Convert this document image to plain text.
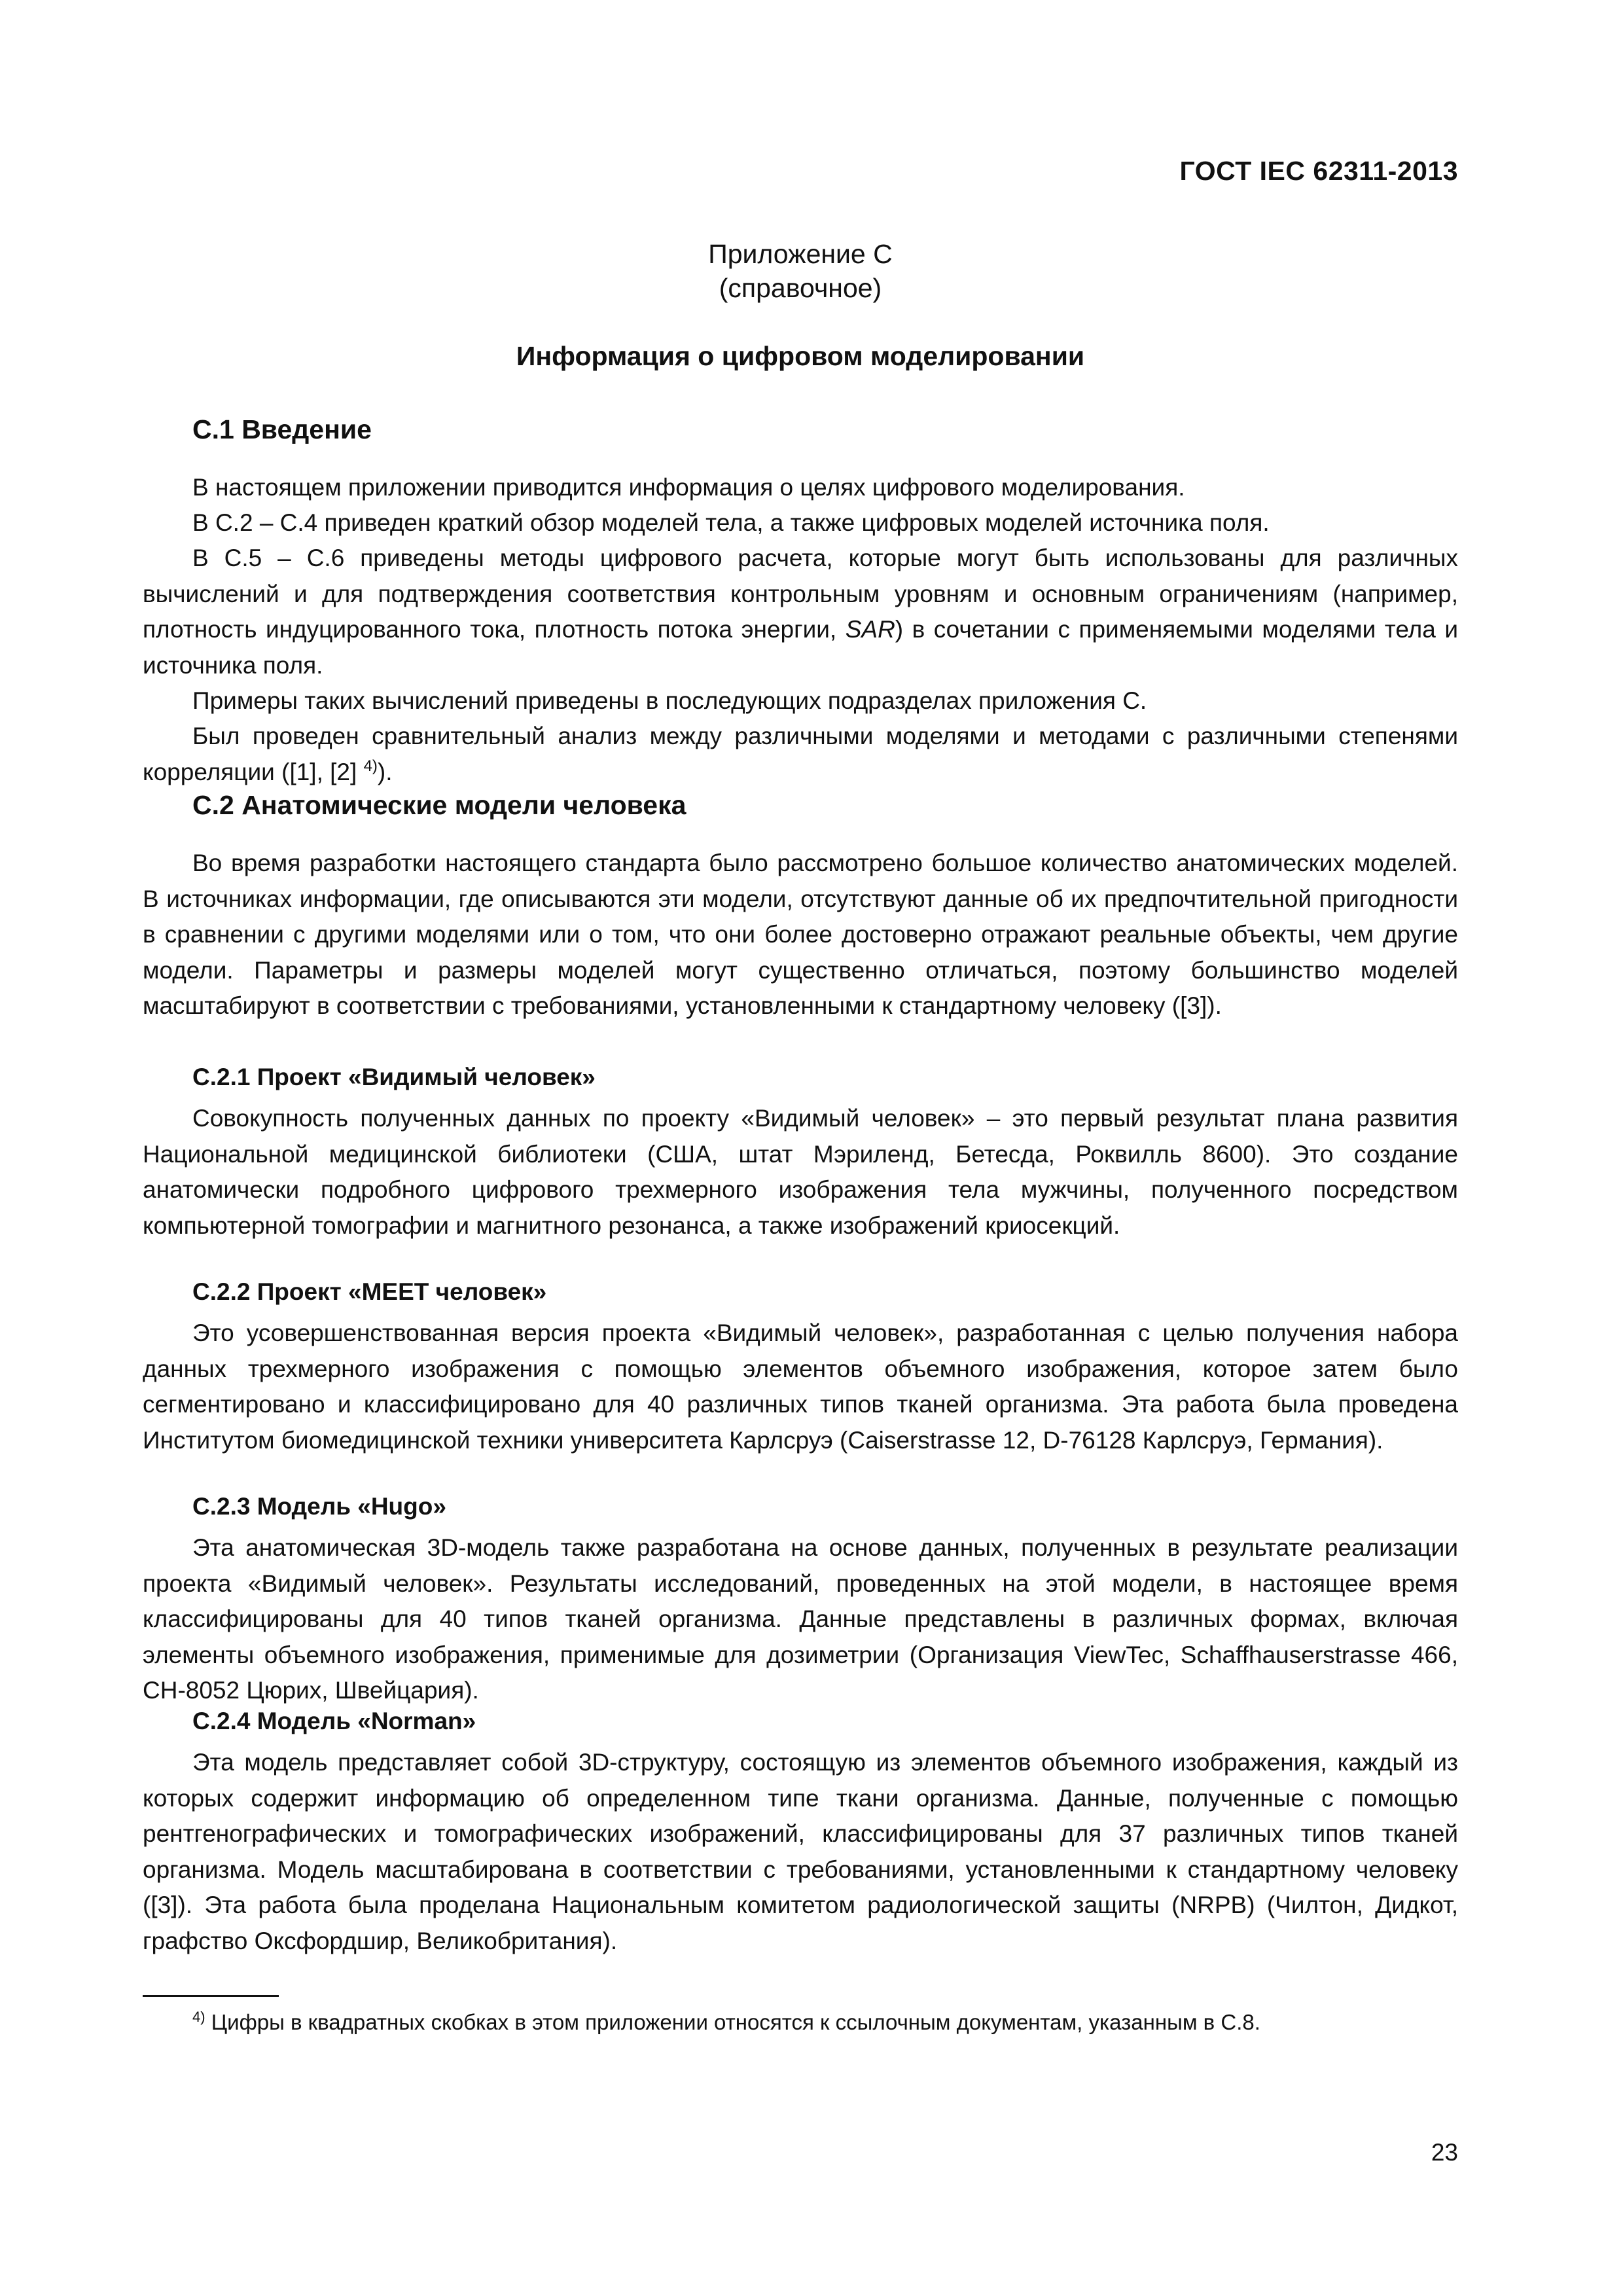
ГОСТ IEC 62311-2013
Приложение С
(справочное)
Информация о цифровом моделировании
С.1 Введение

В настоящем приложении приводится информация о целях цифрового моделирования.

В С.2 – С.4 приведен краткий обзор моделей тела, а также цифровых моделей источника поля.

В С.5 – С.6 приведены методы цифрового расчета, которые могут быть использованы для различных вычислений и для подтверждения соответствия контрольным уровням и основным ограничениям (например, плотность индуцированного тока, плотность потока энергии, SAR) в сочетании с применяемыми моделями тела и источника поля.

Примеры таких вычислений приведены в последующих подразделах приложения С.

Был проведен сравнительный анализ между различными моделями и методами с различными степенями корреляции ([1], [2] $^{4)}$).

С.2 Анатомические модели человека

Во время разработки настоящего стандарта было рассмотрено большое количество анатомических моделей. В источниках информации, где описываются эти модели, отсутствуют данные об их предпочтительной пригодности в сравнении с другими моделями или о том, что они более достоверно отражают реальные объекты, чем другие модели. Параметры и размеры моделей могут существенно отличаться, поэтому большинство моделей масштабируют в соответствии с требованиями, установленными к стандартному человеку ([3]).

С.2.1 Проект «Видимый человек»

Совокупность полученных данных по проекту «Видимый человек» – это первый результат плана развития Национальной медицинской библиотеки (США, штат Мэриленд, Бетесда, Роквилль 8600). Это создание анатомически подробного цифрового трехмерного изображения тела мужчины, полученного посредством компьютерной томографии и магнитного резонанса, а также изображений криосекций.

С.2.2 Проект «MEET человек»

Это усовершенствованная версия проекта «Видимый человек», разработанная с целью получения набора данных трехмерного изображения с помощью элементов объемного изображения, которое затем было сегментировано и классифицировано для 40 различных типов тканей организма. Эта работа была проведена Институтом биомедицинской техники университета Карлсруэ (Caiserstrasse 12, D-76128 Карлсруэ, Германия).

С.2.3 Модель «Hugo»

Эта анатомическая 3D-модель также разработана на основе данных, полученных в результате реализации проекта «Видимый человек». Результаты исследований, проведенных на этой модели, в настоящее время классифицированы для 40 типов тканей организма. Данные представлены в различных формах, включая элементы объемного изображения, применимые для дозиметрии (Организация ViewTec, Schaffhauserstrasse 466, CH-8052 Цюрих, Швейцария).

С.2.4 Модель «Norman»

Эта модель представляет собой 3D-структуру, состоящую из элементов объемного изображения, каждый из которых содержит информацию об определенном типе ткани организма. Данные, полученные с помощью рентгенографических и томографических изображений, классифицированы для 37 различных типов тканей организма. Модель масштабирована в соответствии с требованиями, установленными к стандартному человеку ([3]). Эта работа была проделана Национальным комитетом радиологической защиты (NRPB) (Чилтон, Дидкот, графство Оксфордшир, Великобритания).

$^{4)}$ Цифры в квадратных скобках в этом приложении относятся к ссылочным документам, указанным в С.8.
23
